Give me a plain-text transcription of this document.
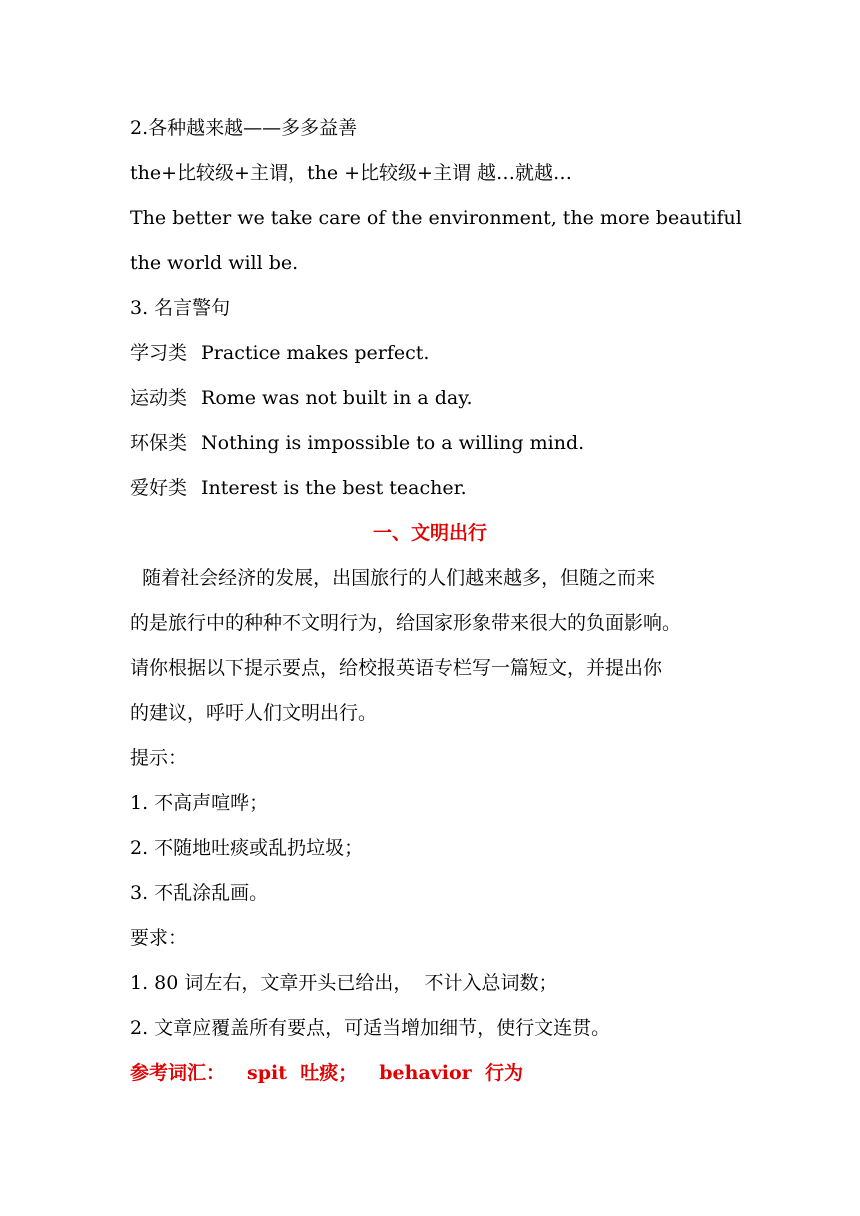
2.各种越来越——多多益善
the+比较级+主谓，the +比较级+主谓 越…就越…
The better we take care of the environment, the more beautiful
the world will be.
3. 名言警句
学习类 Practice makes perfect.
运动类 Rome was not built in a day.
环保类 Nothing is impossible to a willing mind.
爱好类 Interest is the best teacher.
一、文明出行
随着社会经济的发展，出国旅行的人们越来越多，但随之而来
的是旅行中的种种不文明行为，给国家形象带来很大的负面影响。
请你根据以下提示要点，给校报英语专栏写一篇短文，并提出你
的建议，呼吁人们文明出行。
提示：
1. 不高声喧哗；
2. 不随地吐痰或乱扔垃圾；
3. 不乱涂乱画。
要求：
1. 80 词左右，文章开头已给出，  不计入总词数；
2. 文章应覆盖所有要点，可适当增加细节，使行文连贯。
参考词汇： spit 吐痰； behavior 行为
